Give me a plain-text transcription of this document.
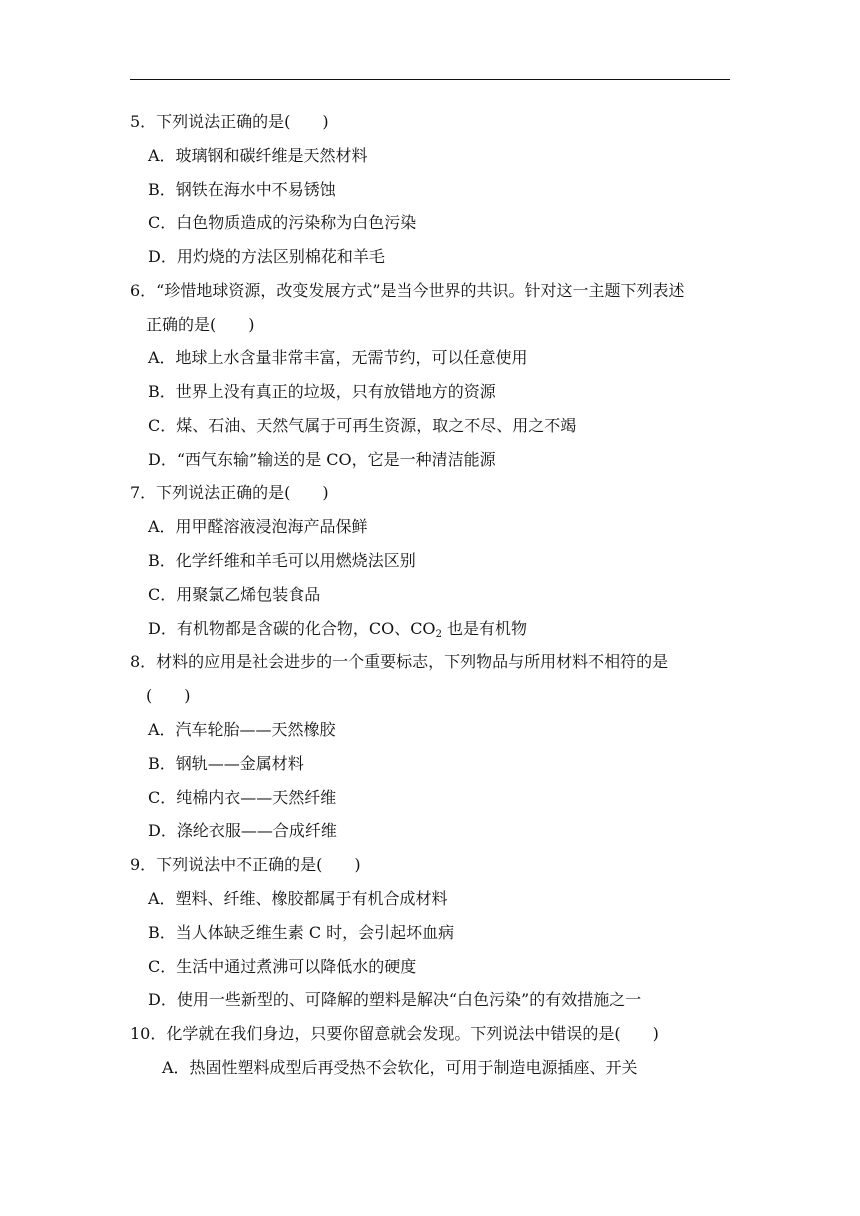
5．下列说法正确的是(　　)
A．玻璃钢和碳纤维是天然材料
B．钢铁在海水中不易锈蚀
C．白色物质造成的污染称为白色污染
D．用灼烧的方法区别棉花和羊毛
6．“珍惜地球资源，改变发展方式”是当今世界的共识。针对这一主题下列表述
正确的是(　　)
A．地球上水含量非常丰富，无需节约，可以任意使用
B．世界上没有真正的垃圾，只有放错地方的资源
C．煤、石油、天然气属于可再生资源，取之不尽、用之不竭
D．“西气东输”输送的是 CO，它是一种清洁能源
7．下列说法正确的是(　　)
A．用甲醛溶液浸泡海产品保鲜
B．化学纤维和羊毛可以用燃烧法区别
C．用聚氯乙烯包装食品
D．有机物都是含碳的化合物，CO、$CO_2$ 也是有机物
8．材料的应用是社会进步的一个重要标志，下列物品与所用材料不相符的是
(　　)
A．汽车轮胎——天然橡胶
B．钢轨——金属材料
C．纯棉内衣——天然纤维
D．涤纶衣服——合成纤维
9．下列说法中不正确的是(　　)
A．塑料、纤维、橡胶都属于有机合成材料
B．当人体缺乏维生素 C 时，会引起坏血病
C．生活中通过煮沸可以降低水的硬度
D．使用一些新型的、可降解的塑料是解决“白色污染”的有效措施之一
10．化学就在我们身边，只要你留意就会发现。下列说法中错误的是(　　)
A．热固性塑料成型后再受热不会软化，可用于制造电源插座、开关
